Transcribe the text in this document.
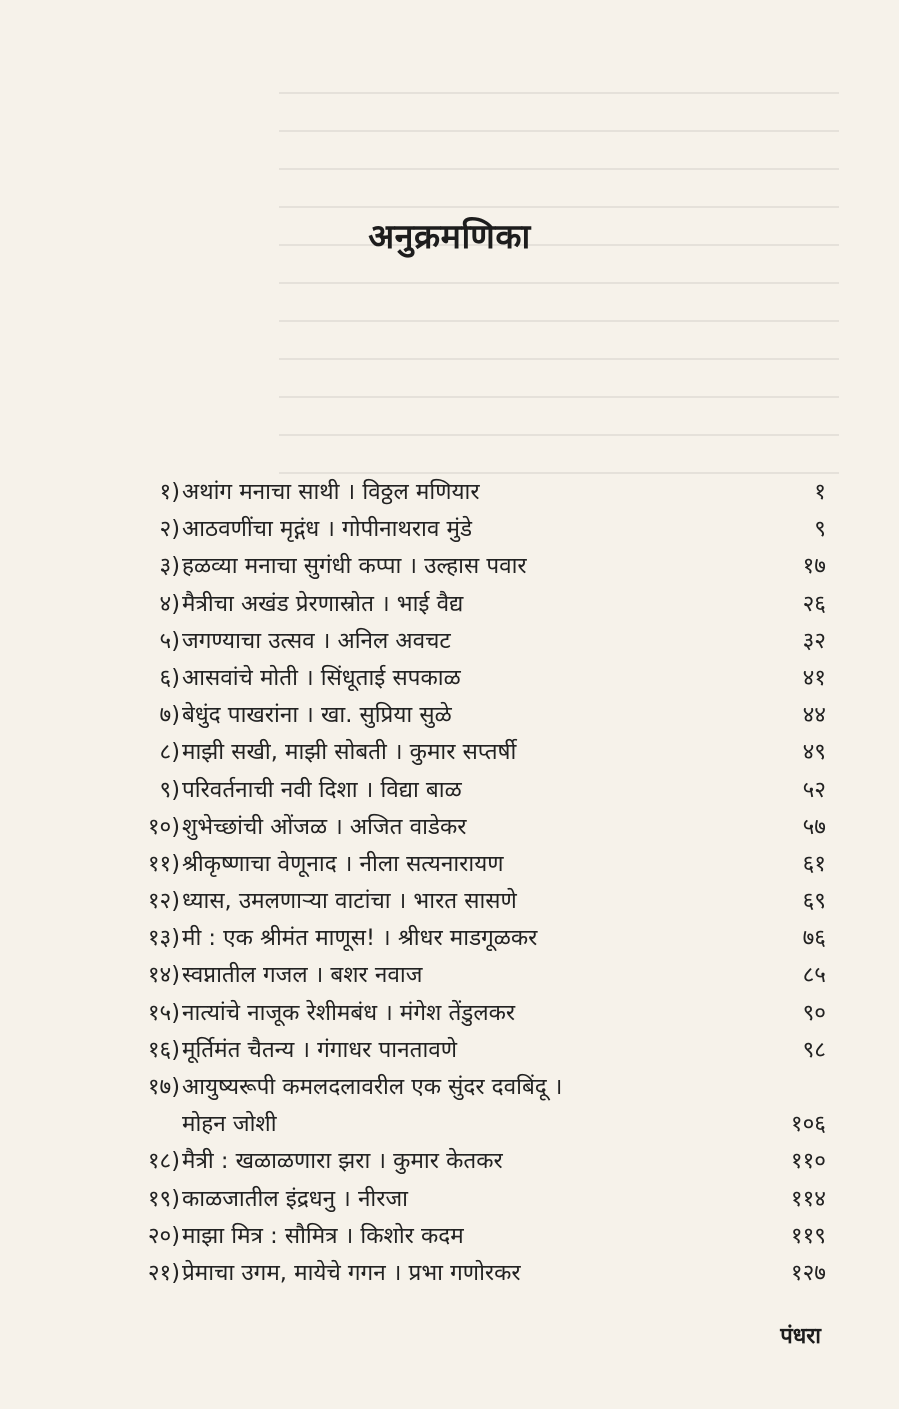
अनुक्रमणिका
१) अथांग मनाचा साथी । विठ्ठल मणियार	१
२) आठवणींचा मृद्गंध । गोपीनाथराव मुंडे	९
३) हळव्या मनाचा सुगंधी कप्पा । उल्हास पवार	१७
४) मैत्रीचा अखंड प्रेरणास्रोत । भाई वैद्य	२६
५) जगण्याचा उत्सव । अनिल अवचट	३२
६) आसवांचे मोती । सिंधूताई सपकाळ	४१
७) बेधुंद पाखरांना । खा. सुप्रिया सुळे	४४
८) माझी सखी, माझी सोबती । कुमार सप्तर्षी	४९
९) परिवर्तनाची नवी दिशा । विद्या बाळ	५२
१०) शुभेच्छांची ओंजळ । अजित वाडेकर	५७
११) श्रीकृष्णाचा वेणूनाद । नीला सत्यनारायण	६१
१२) ध्यास, उमलणाऱ्या वाटांचा । भारत सासणे	६९
१३) मी : एक श्रीमंत माणूस! । श्रीधर माडगूळकर	७६
१४) स्वप्नातील गजल । बशर नवाज	८५
१५) नात्यांचे नाजूक रेशीमबंध । मंगेश तेंडुलकर	९०
१६) मूर्तिमंत चैतन्य । गंगाधर पानतावणे	९८
१७) आयुष्यरूपी कमलदलावरील एक सुंदर दवबिंदू ।
मोहन जोशी	१०६
१८) मैत्री : खळाळणारा झरा । कुमार केतकर	११०
१९) काळजातील इंद्रधनु । नीरजा	११४
२०) माझा मित्र : सौमित्र । किशोर कदम	११९
२१) प्रेमाचा उगम, मायेचे गगन । प्रभा गणोरकर	१२७
पंधरा
